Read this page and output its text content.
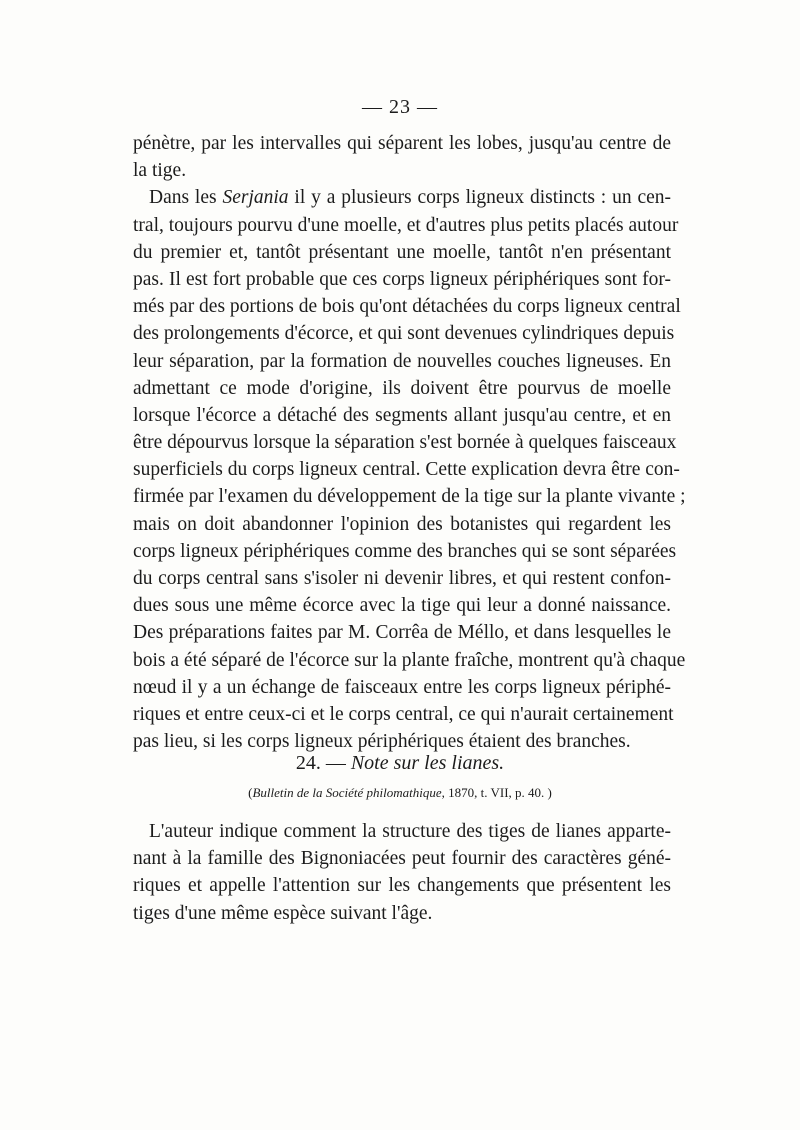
— 23 —
pénètre, par les intervalles qui séparent les lobes, jusqu'au centre de
la tige.
Dans les Serjania il y a plusieurs corps ligneux distincts : un cen-
tral, toujours pourvu d'une moelle, et d'autres plus petits placés autour
du premier et, tantôt présentant une moelle, tantôt n'en présentant
pas. Il est fort probable que ces corps ligneux périphériques sont for-
més par des portions de bois qu'ont détachées du corps ligneux central
des prolongements d'écorce, et qui sont devenues cylindriques depuis
leur séparation, par la formation de nouvelles couches ligneuses. En
admettant ce mode d'origine, ils doivent être pourvus de moelle
lorsque l'écorce a détaché des segments allant jusqu'au centre, et en
être dépourvus lorsque la séparation s'est bornée à quelques faisceaux
superficiels du corps ligneux central. Cette explication devra être con-
firmée par l'examen du développement de la tige sur la plante vivante ;
mais on doit abandonner l'opinion des botanistes qui regardent les
corps ligneux périphériques comme des branches qui se sont séparées
du corps central sans s'isoler ni devenir libres, et qui restent confon-
dues sous une même écorce avec la tige qui leur a donné naissance.
Des préparations faites par M. Corrêa de Méllo, et dans lesquelles le
bois a été séparé de l'écorce sur la plante fraîche, montrent qu'à chaque
nœud il y a un échange de faisceaux entre les corps ligneux périphé-
riques et entre ceux-ci et le corps central, ce qui n'aurait certainement
pas lieu, si les corps ligneux périphériques étaient des branches.
24. — Note sur les lianes.
(Bulletin de la Société philomathique, 1870, t. VII, p. 40. )
L'auteur indique comment la structure des tiges de lianes apparte-
nant à la famille des Bignoniacées peut fournir des caractères géné-
riques et appelle l'attention sur les changements que présentent les
tiges d'une même espèce suivant l'âge.
